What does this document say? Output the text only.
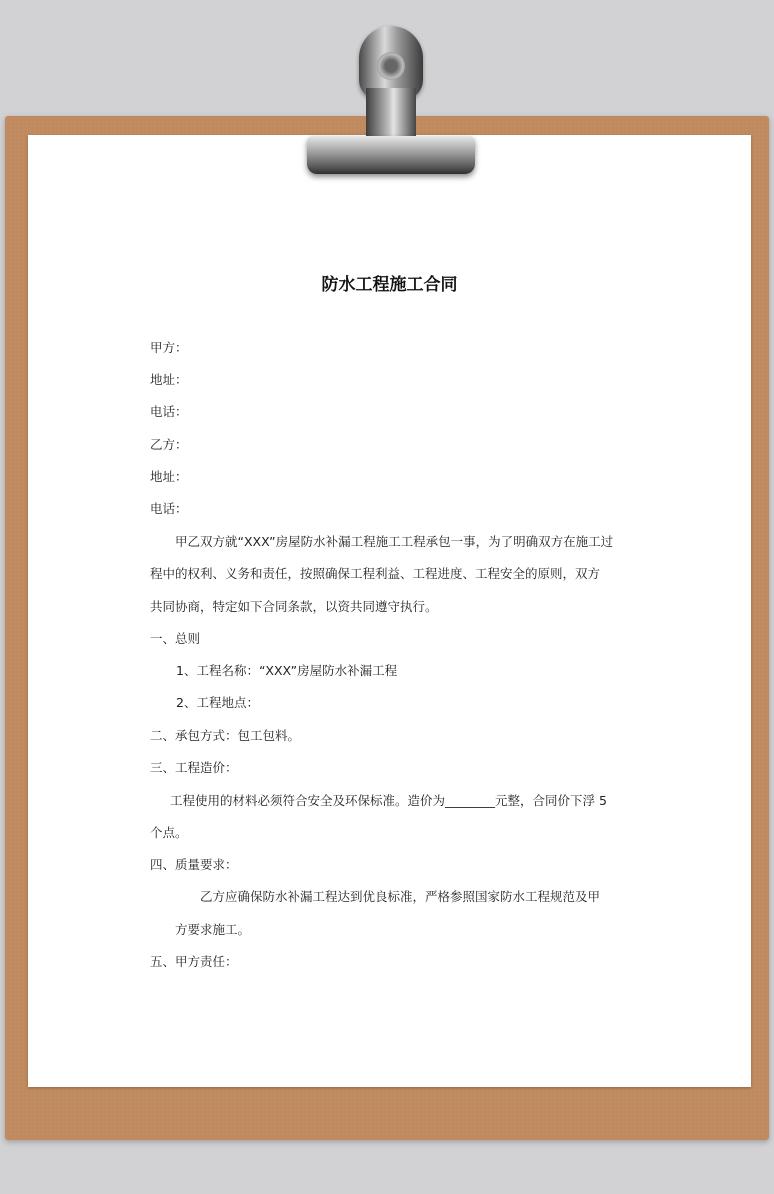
防水工程施工合同
甲方：
地址：
电话：
乙方：
地址：
电话：
甲乙双方就“XXX”房屋防水补漏工程施工工程承包一事，为了明确双方在施工过
程中的权利、义务和责任，按照确保工程利益、工程进度、工程安全的原则，双方
共同协商，特定如下合同条款，以资共同遵守执行。
一、总则
1、工程名称：“XXX”房屋防水补漏工程
2、工程地点：
二、承包方式：包工包料。
三、工程造价：
工程使用的材料必须符合安全及环保标准。造价为________元整，合同价下浮 5
个点。
四、质量要求：
乙方应确保防水补漏工程达到优良标准，严格参照国家防水工程规范及甲
方要求施工。
五、甲方责任：
